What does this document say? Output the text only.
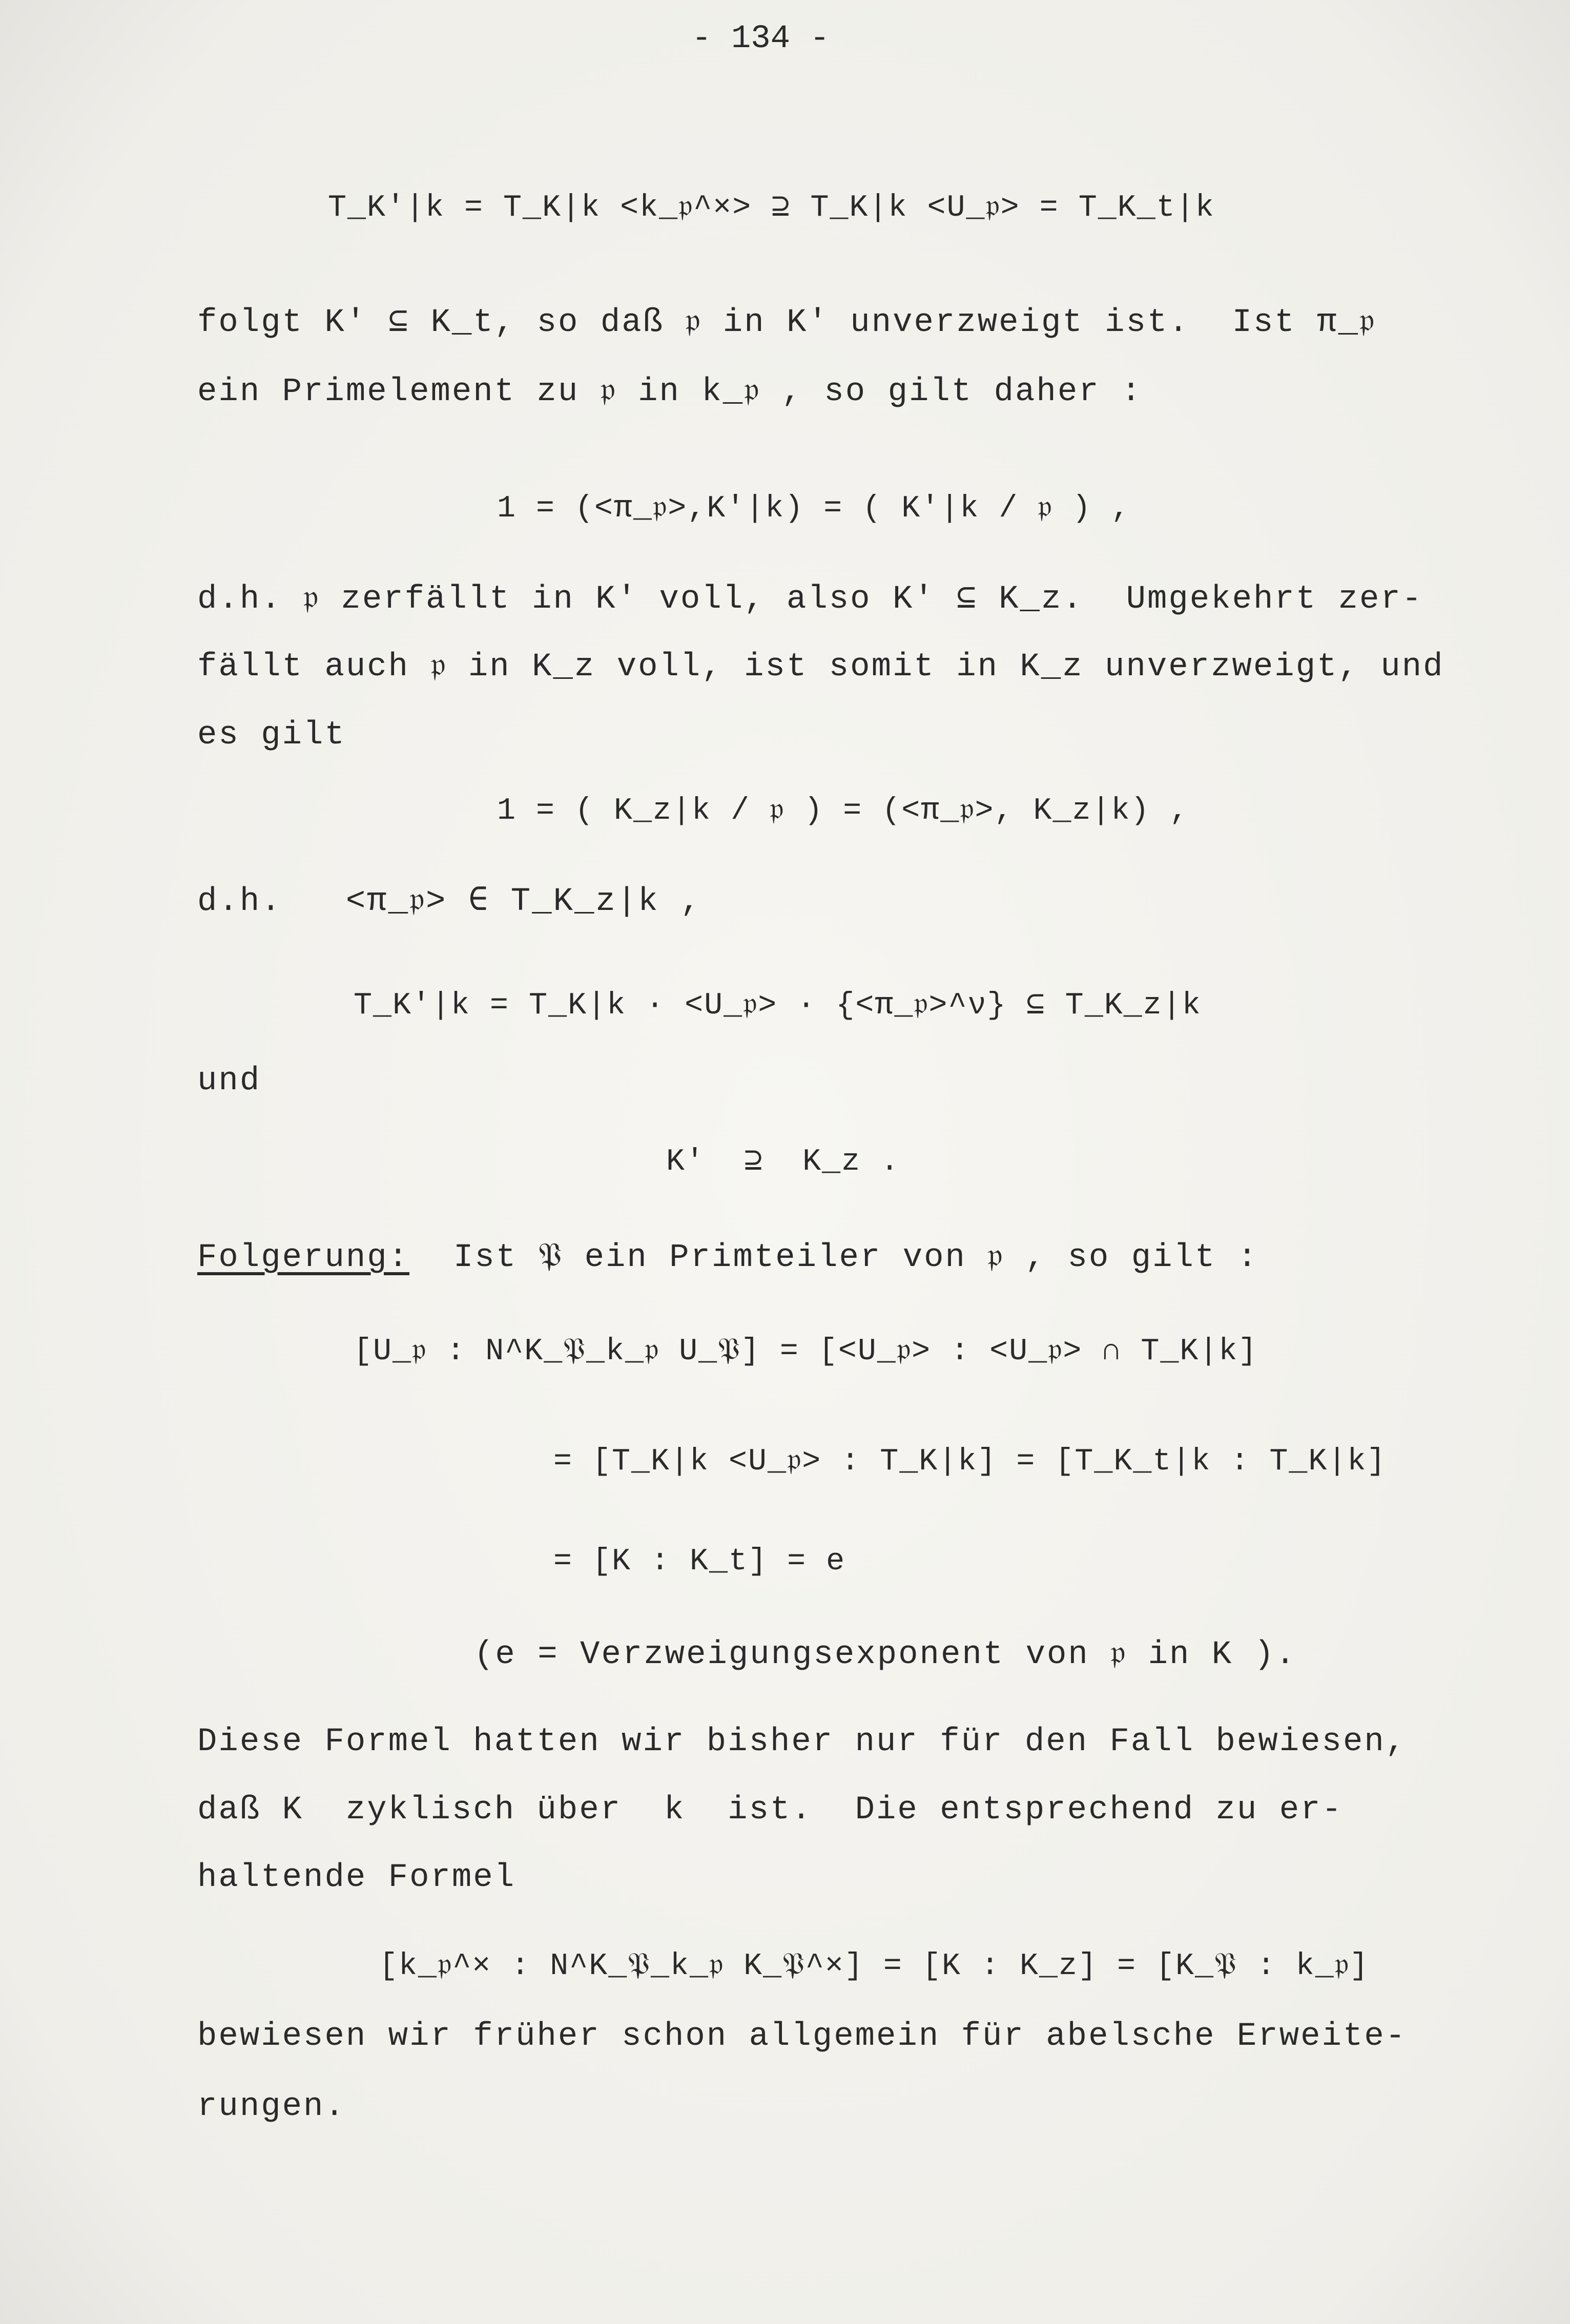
- 134 -
T_K'|k = T_K|k <k_𝔭^×> ⊇ T_K|k <U_𝔭> = T_K_t|k
folgt K' ⊆ K_t, so daß 𝔭 in K' unverzweigt ist.  Ist π_𝔭
ein Primelement zu 𝔭 in k_𝔭 , so gilt daher :
1 = (<π_𝔭>,K'|k) = ( K'|k / 𝔭 ) ,
d.h. 𝔭 zerfällt in K' voll, also K' ⊆ K_z.  Umgekehrt zer-
fällt auch 𝔭 in K_z voll, ist somit in K_z unverzweigt, und
es gilt
1 = ( K_z|k / 𝔭 ) = (<π_𝔭>, K_z|k) ,
d.h.   <π_𝔭> ∈ T_K_z|k ,
T_K'|k = T_K|k · <U_𝔭> · {<π_𝔭>^ν} ⊆ T_K_z|k
und
K'  ⊇  K_z .
Folgerung: Ist 𝔓 ein Primteiler von 𝔭 , so gilt :
[U_𝔭 : N^K_𝔓_k_𝔭 U_𝔓] = [<U_𝔭> : <U_𝔭> ∩ T_K|k]
= [T_K|k <U_𝔭> : T_K|k] = [T_K_t|k : T_K|k]
= [K : K_t] = e
(e = Verzweigungsexponent von 𝔭 in K ).
Diese Formel hatten wir bisher nur für den Fall bewiesen,
daß K  zyklisch über  k  ist.  Die entsprechend zu er-
haltende Formel
[k_𝔭^× : N^K_𝔓_k_𝔭 K_𝔓^×] = [K : K_z] = [K_𝔓 : k_𝔭]
bewiesen wir früher schon allgemein für abelsche Erweite-
rungen.
